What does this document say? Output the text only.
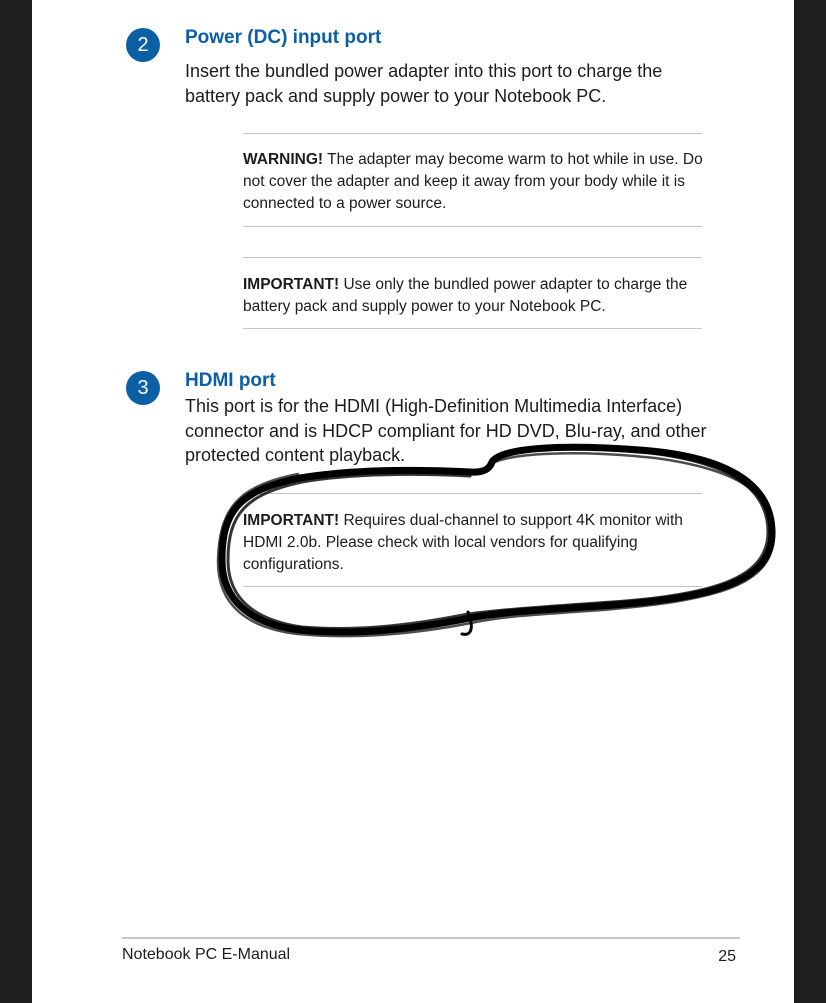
2 Power (DC) input port

Insert the bundled power adapter into this port to charge the battery pack and supply power to your Notebook PC.

WARNING! The adapter may become warm to hot while in use. Do not cover the adapter and keep it away from your body while it is connected to a power source.

IMPORTANT! Use only the bundled power adapter to charge the battery pack and supply power to your Notebook PC.

3 HDMI port

This port is for the HDMI (High-Definition Multimedia Interface) connector and is HDCP compliant for HD DVD, Blu-ray, and other protected content playback.

IMPORTANT! Requires dual-channel to support 4K monitor with HDMI 2.0b. Please check with local vendors for qualifying configurations.

Notebook PC E-Manual	25
